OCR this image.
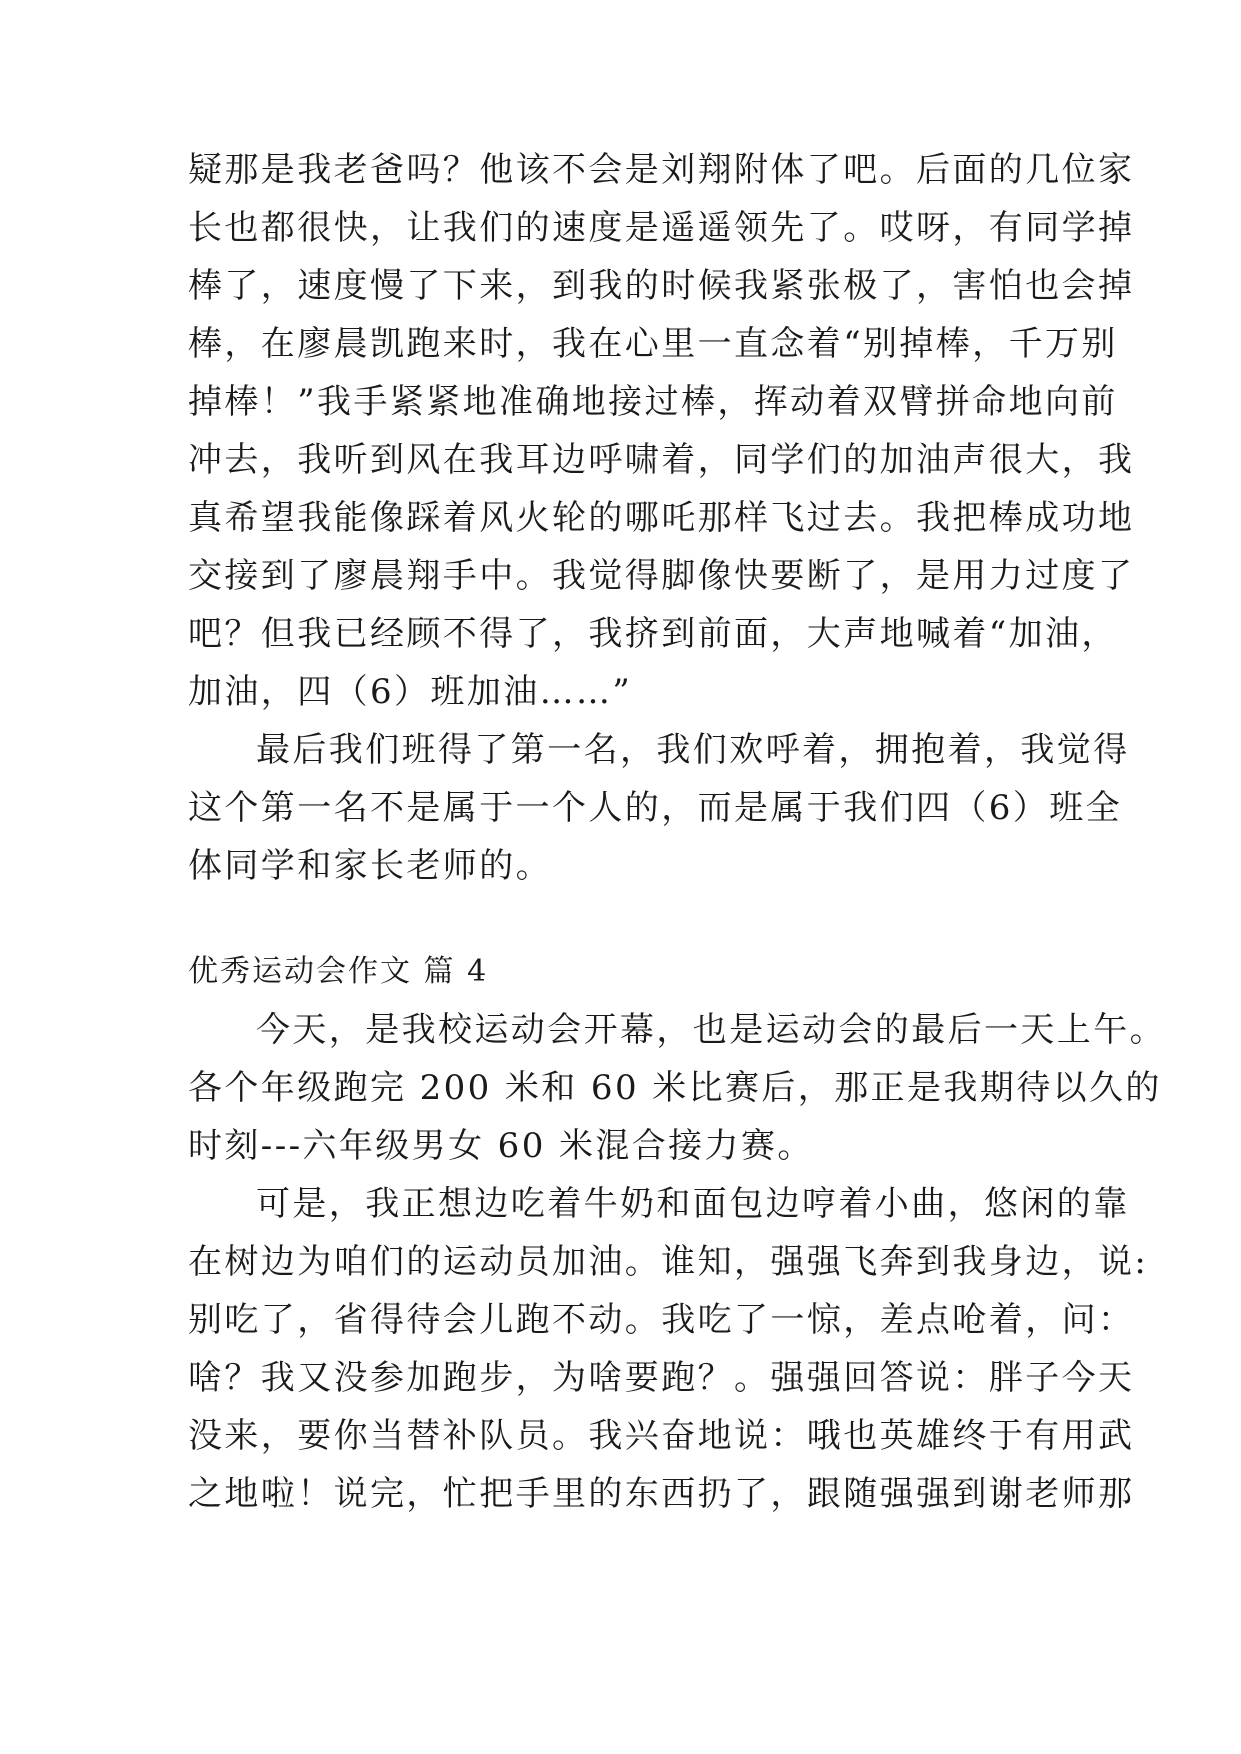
疑那是我老爸吗？他该不会是刘翔附体了吧。后面的几位家
长也都很快，让我们的速度是遥遥领先了。哎呀，有同学掉
棒了，速度慢了下来，到我的时候我紧张极了，害怕也会掉
棒，在廖晨凯跑来时，我在心里一直念着“别掉棒，千万别
掉棒！”我手紧紧地准确地接过棒，挥动着双臂拼命地向前
冲去，我听到风在我耳边呼啸着，同学们的加油声很大，我
真希望我能像踩着风火轮的哪吒那样飞过去。我把棒成功地
交接到了廖晨翔手中。我觉得脚像快要断了，是用力过度了
吧？但我已经顾不得了，我挤到前面，大声地喊着“加油，
加油，四（6）班加油……”
最后我们班得了第一名，我们欢呼着，拥抱着，我觉得
这个第一名不是属于一个人的，而是属于我们四（6）班全
体同学和家长老师的。
优秀运动会作文 篇 4
今天，是我校运动会开幕，也是运动会的最后一天上午。
各个年级跑完 200 米和 60 米比赛后，那正是我期待以久的
时刻---六年级男女 60 米混合接力赛。
可是，我正想边吃着牛奶和面包边哼着小曲，悠闲的靠
在树边为咱们的运动员加油。谁知，强强飞奔到我身边，说:
别吃了，省得待会儿跑不动。我吃了一惊，差点呛着，问：
啥？我又没参加跑步，为啥要跑？。强强回答说：胖子今天
没来，要你当替补队员。我兴奋地说：哦也英雄终于有用武
之地啦！说完，忙把手里的东西扔了，跟随强强到谢老师那
